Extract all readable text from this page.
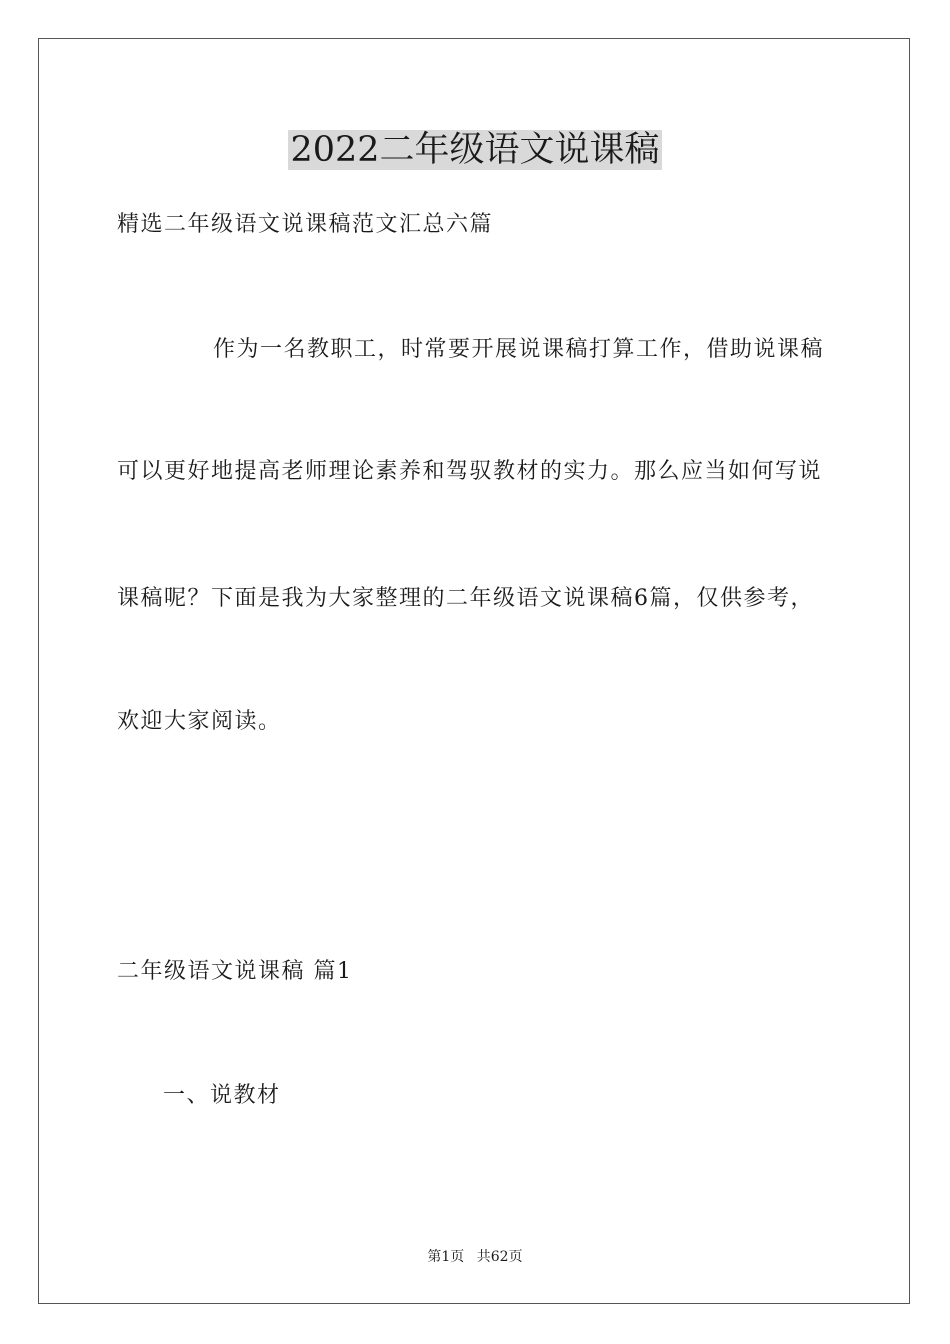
2022二年级语文说课稿

精选二年级语文说课稿范文汇总六篇

作为一名教职工，时常要开展说课稿打算工作，借助说课稿

可以更好地提高老师理论素养和驾驭教材的实力。那么应当如何写说

课稿呢？下面是我为大家整理的二年级语文说课稿6篇，仅供参考，

欢迎大家阅读。

二年级语文说课稿 篇1

一、说教材

第1页 共62页
